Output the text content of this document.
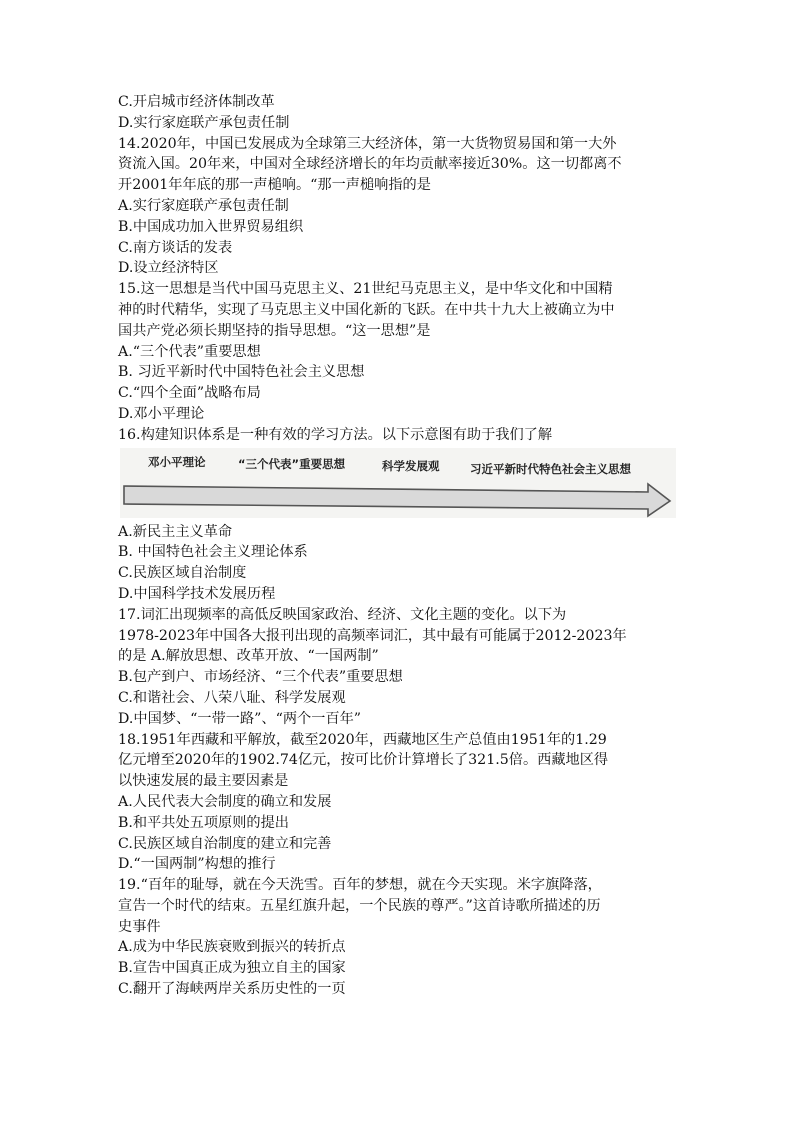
C.开启城市经济体制改革
D.实行家庭联产承包责任制
14.2020年，中国已发展成为全球第三大经济体，第一大货物贸易国和第一大外
资流入国。20年来，中国对全球经济增长的年均贡献率接近30%。这一切都离不
开2001年年底的那一声槌响。“那一声槌响指的是
A.实行家庭联产承包责任制
B.中国成功加入世界贸易组织
C.南方谈话的发表
D.设立经济特区
15.这一思想是当代中国马克思主义、21世纪马克思主义，是中华文化和中国精
神的时代精华，实现了马克思主义中国化新的飞跃。在中共十九大上被确立为中
国共产党必须长期坚持的指导思想。“这一思想”是
A.“三个代表”重要思想
B. 习近平新时代中国特色社会主义思想
C.“四个全面”战略布局
D.邓小平理论
16.构建知识体系是一种有效的学习方法。以下示意图有助于我们了解
邓小平理论	“三个代表”重要思想	科学发展观	习近平新时代特色社会主义思想
A.新民主主义革命
B. 中国特色社会主义理论体系
C.民族区域自治制度
D.中国科学技术发展历程
17.词汇出现频率的高低反映国家政治、经济、文化主题的变化。以下为
1978-2023年中国各大报刊出现的高频率词汇，其中最有可能属于2012-2023年
的是 A.解放思想、改革开放、“一国两制”
B.包产到户、市场经济、“三个代表”重要思想
C.和谐社会、八荣八耻、科学发展观
D.中国梦、“一带一路”、“两个一百年”
18.1951年西藏和平解放，截至2020年，西藏地区生产总值由1951年的1.29
亿元增至2020年的1902.74亿元，按可比价计算增长了321.5倍。西藏地区得
以快速发展的最主要因素是
A.人民代表大会制度的确立和发展
B.和平共处五项原则的提出
C.民族区域自治制度的建立和完善
D.“一国两制”构想的推行
19.“百年的耻辱，就在今天洗雪。百年的梦想，就在今天实现。米字旗降落，
宣告一个时代的结束。五星红旗升起，一个民族的尊严。”这首诗歌所描述的历
史事件
A.成为中华民族衰败到振兴的转折点
B.宣告中国真正成为独立自主的国家
C.翻开了海峡两岸关系历史性的一页
